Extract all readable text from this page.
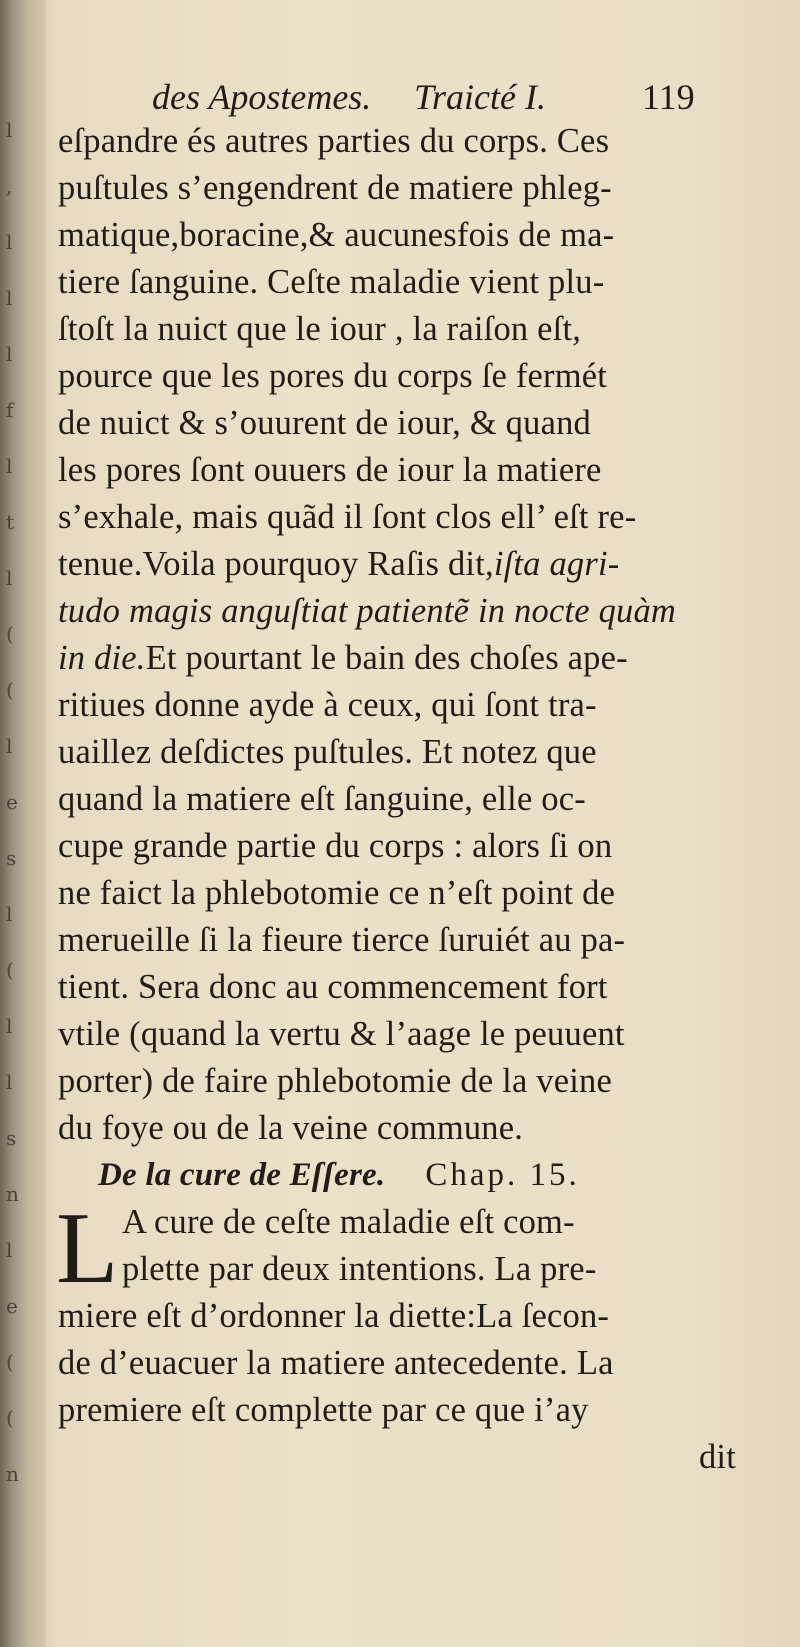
l
,
l
l
l
f
l
t
l
(
(
l
e
s
l
(
l
l
s
n
l
e
(
(
n
des Apostemes. Traicté I.	119
eſpandre és autres parties du corps. Ces
puſtules s’engendrent de matiere phleg-
matique,boracine,& aucunesfois de ma-
tiere ſanguine. Ceſte maladie vient plu-
ſtoſt la nuict que le iour , la raiſon eſt,
pource que les pores du corps ſe fermét
de nuict & s’ouurent de iour, & quand
les pores ſont ouuers de iour la matiere
s’exhale, mais quãd il ſont clos ell’ eſt re-
tenue.Voila pourquoy Raſis dit,iſta agri-
tudo magis anguſtiat patientẽ in nocte quàm
in die.Et pourtant le bain des choſes ape-
ritiues donne ayde à ceux, qui ſont tra-
uaillez deſdictes puſtules. Et notez que
quand la matiere eſt ſanguine, elle oc-
cupe grande partie du corps : alors ſi on
ne faict la phlebotomie ce n’eſt point de
merueille ſi la fieure tierce ſuruiét au pa-
tient. Sera donc au commencement fort
vtile (quand la vertu & l’aage le peuuent
porter) de faire phlebotomie de la veine
du foye ou de la veine commune.
De la cure de Eſſere. Chap. 15.
L A cure de ceſte maladie eſt com-
plette par deux intentions. La pre-
miere eſt d’ordonner la diette:La ſecon-
de d’euacuer la matiere antecedente. La
premiere eſt complette par ce que i’ay
dit
